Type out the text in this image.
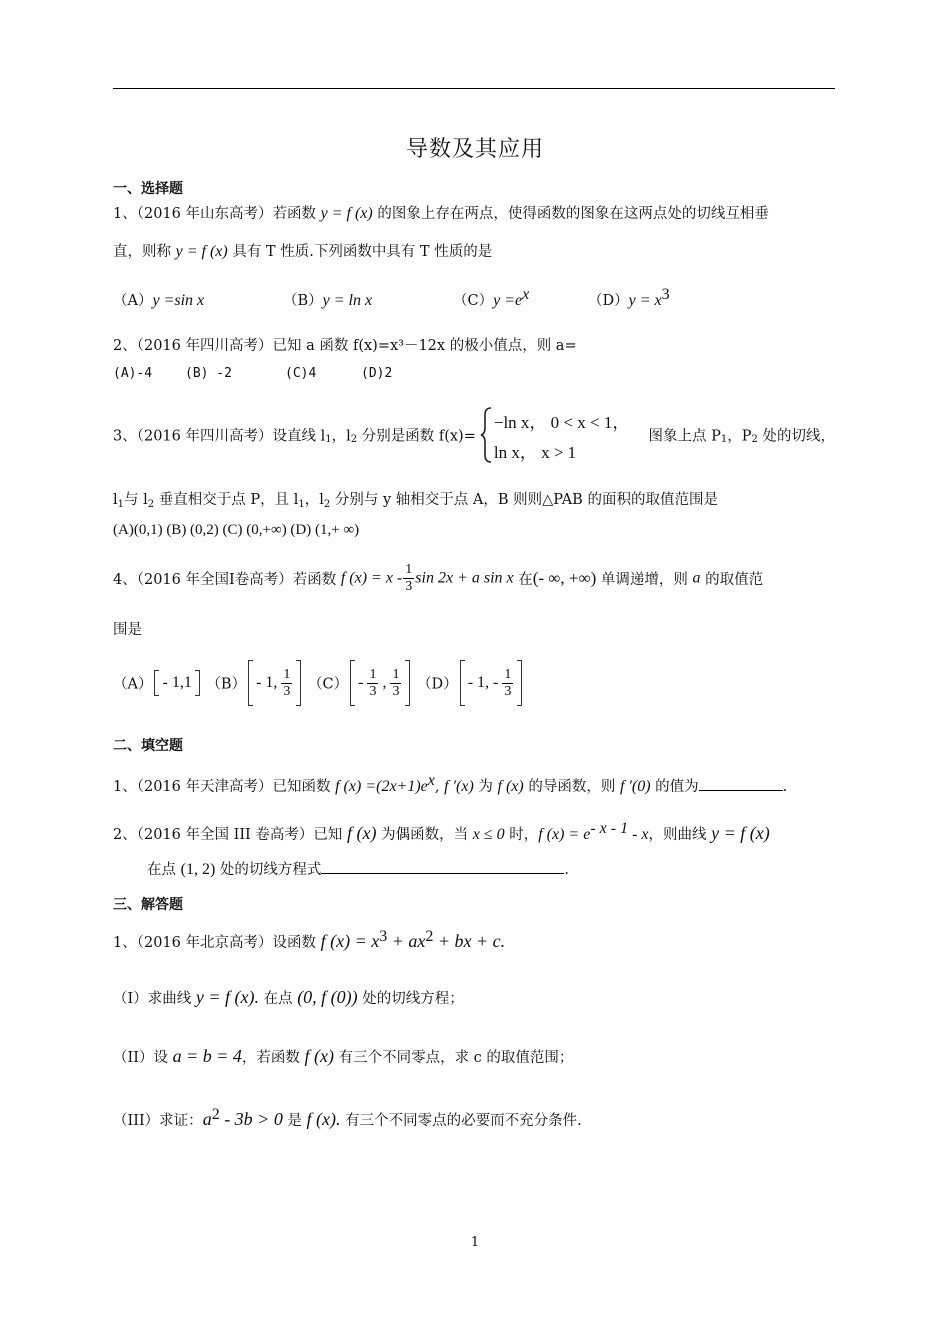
导数及其应用
一、选择题
1、（2016 年山东高考）若函数 y = f (x) 的图象上存在两点，使得函数的图象在这两点处的切线互相垂
直，则称 y = f (x) 具有 T 性质.下列函数中具有 T 性质的是
（A）y =sin x	（B）y = ln x	$(C)y =e^x$	$(D)y = x^3$
2、（2016 年四川高考）已知 a 函数 f(x)=x³－12x 的极小值点，则 a=
(A)-4	(B) -2	(C)4	(D)2
3、（2016 年四川高考）设直线 $l_1$，$l_2$ 分别是函数 f(x)=
−ln x， 0 < x < 1，
ln x， x > 1
图象上点 $P_1$，$P_2$ 处的切线，
$l_1$与 $l_2$ 垂直相交于点 P，且 $l_1$，$l_2$ 分别与 y 轴相交于点 A，B 则则△PAB 的面积的取值范围是
(A)(0,1) (B) (0,2) (C) (0,+∞) (D) (1,+ ∞)
4、（2016 年全国Ⅰ卷高考）若函数 f $(x) = x - \frac{1}{3}$ sin 2x + a sin x 在(- ∞, +∞) 单调递增，则 a 的取值范
围是
（A） - 1,1 （B） - 1, $\frac{1}{3} (C) - \frac{1}{3}$ , $\frac{1}{3} (D) - 1$, - $\frac{1}{3}$
二、填空题
1、（2016 年天津高考）已知函数 f $(x) =(2x+1)e^x$, f ′(x) 为 f (x) 的导函数，则 f ′(0) 的值为	.
2、（2016 年全国 III 卷高考）已知 f (x) 为偶函数，当 x ≤ 0 时，f $(x) = e^{- x - 1} - x$，则曲线 y = f (x)
在点 (1, 2) 处的切线方程式	.
三、解答题
1、（2016 年北京高考）设函数 f $(x) = x^3 + ax^2$ + bx + c.
（I）求曲线 y = f (x). 在点 (0, f (0)) 处的切线方程；
（II）设 a = b = 4，若函数 f (x) 有三个不同零点，求 c 的取值范围；
（III）求证：$a^2 - 3b > 0$ 是 f (x). 有三个不同零点的必要而不充分条件.
1
